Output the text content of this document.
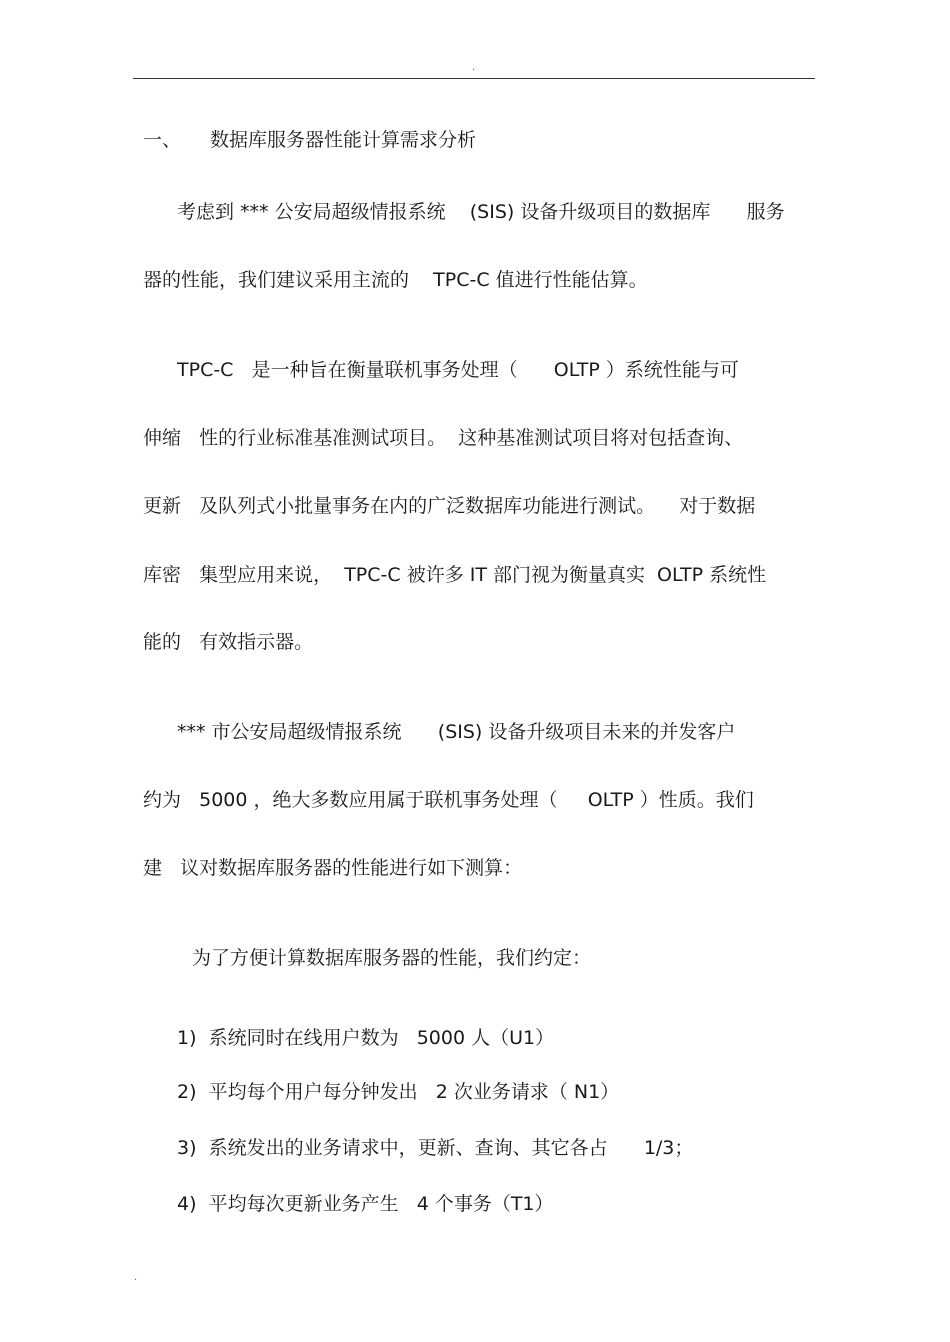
.
一、 数据库服务器性能计算需求分析
考虑到 *** 公安局超级情报系统    (SIS) 设备升级项目的数据库      服务
器的性能，我们建议采用主流的    TPC-C 值进行性能估算。
TPC-C   是一种旨在衡量联机事务处理（      OLTP ）系统性能与可
伸缩   性的行业标准基准测试项目。  这种基准测试项目将对包括查询、
更新   及队列式小批量事务在内的广泛数据库功能进行测试。    对于数据
库密   集型应用来说，  TPC-C 被许多 IT 部门视为衡量真实  OLTP 系统性
能的   有效指示器。
*** 市公安局超级情报系统      (SIS) 设备升级项目未来的并发客户
约为   5000 ，绝大多数应用属于联机事务处理（     OLTP ）性质。我们
建   议对数据库服务器的性能进行如下测算：
为了方便计算数据库服务器的性能，我们约定：
1)  系统同时在线用户数为   5000 人（U1）
2)  平均每个用户每分钟发出   2 次业务请求（ N1）
3)  系统发出的业务请求中，更新、查询、其它各占      1/3；
4)  平均每次更新业务产生   4 个事务（T1）
.
